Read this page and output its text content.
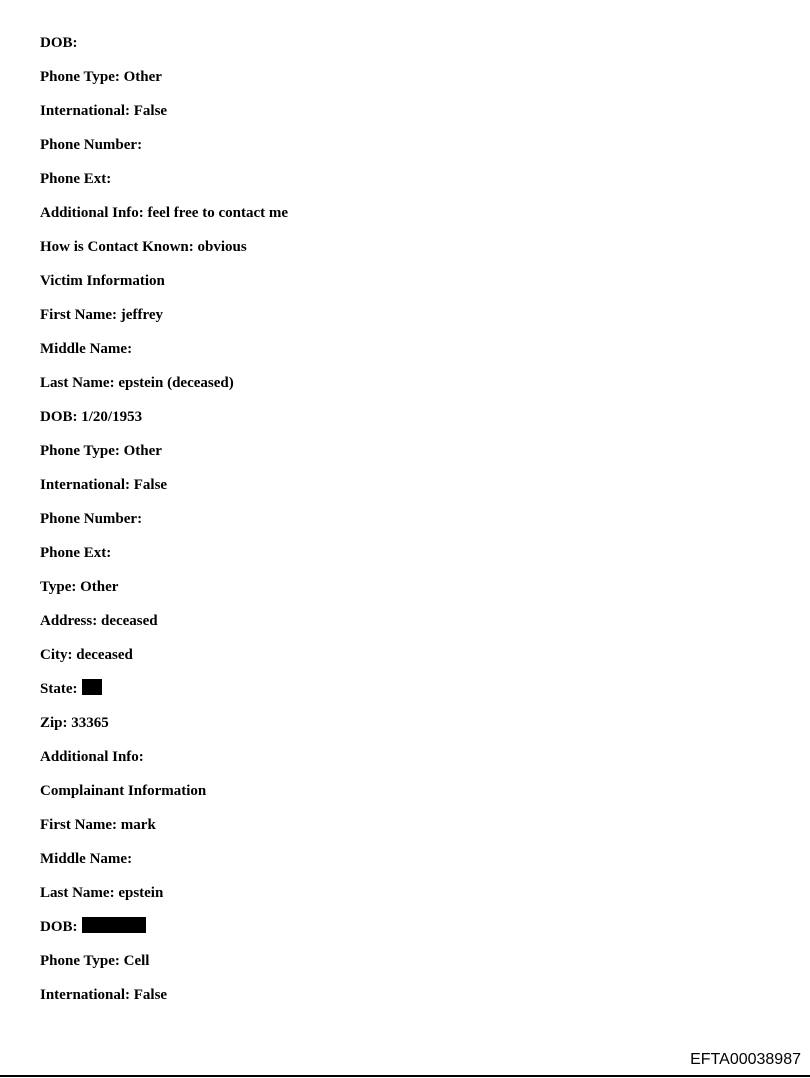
DOB:
Phone Type: Other
International: False
Phone Number:
Phone Ext:
Additional Info: feel free to contact me
How is Contact Known: obvious
Victim Information
First Name: jeffrey
Middle Name:
Last Name: epstein (deceased)
DOB: 1/20/1953
Phone Type: Other
International: False
Phone Number:
Phone Ext:
Type: Other
Address: deceased
City: deceased
State:
Zip: 33365
Additional Info:
Complainant Information
First Name: mark
Middle Name:
Last Name: epstein
DOB:
Phone Type: Cell
International: False
EFTA00038987
